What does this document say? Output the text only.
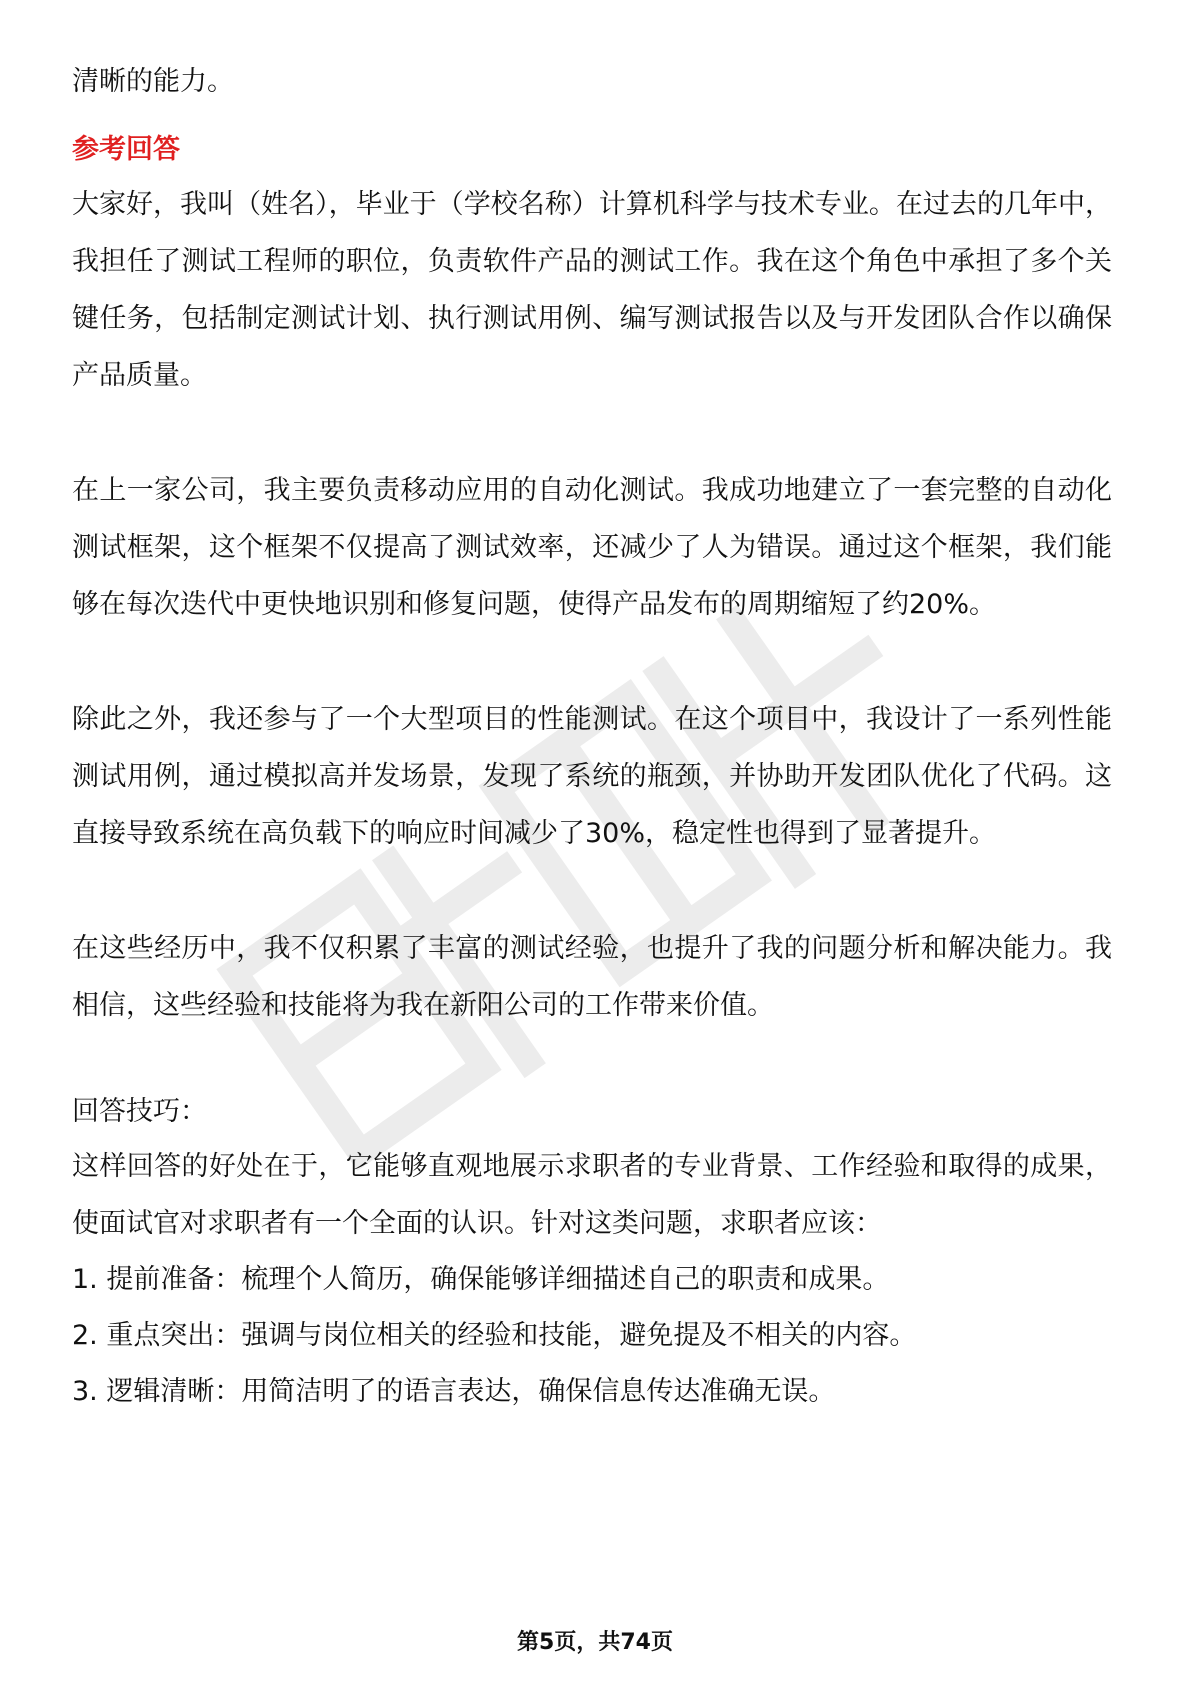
清晰的能力。

参考回答

大家好，我叫（姓名），毕业于（学校名称）计算机科学与技术专业。在过去的几年中，我担任了测试工程师的职位，负责软件产品的测试工作。我在这个角色中承担了多个关键任务，包括制定测试计划、执行测试用例、编写测试报告以及与开发团队合作以确保产品质量。

在上一家公司，我主要负责移动应用的自动化测试。我成功地建立了一套完整的自动化测试框架，这个框架不仅提高了测试效率，还减少了人为错误。通过这个框架，我们能够在每次迭代中更快地识别和修复问题，使得产品发布的周期缩短了约20%。

除此之外，我还参与了一个大型项目的性能测试。在这个项目中，我设计了一系列性能测试用例，通过模拟高并发场景，发现了系统的瓶颈，并协助开发团队优化了代码。这直接导致系统在高负载下的响应时间减少了30%，稳定性也得到了显著提升。

在这些经历中，我不仅积累了丰富的测试经验，也提升了我的问题分析和解决能力。我相信，这些经验和技能将为我在新阳公司的工作带来价值。

回答技巧：

这样回答的好处在于，它能够直观地展示求职者的专业背景、工作经验和取得的成果，使面试官对求职者有一个全面的认识。针对这类问题，求职者应该：

1. 提前准备：梳理个人简历，确保能够详细描述自己的职责和成果。

2. 重点突出：强调与岗位相关的经验和技能，避免提及不相关的内容。

3. 逻辑清晰：用简洁明了的语言表达，确保信息传达准确无误。

第5页，共74页
